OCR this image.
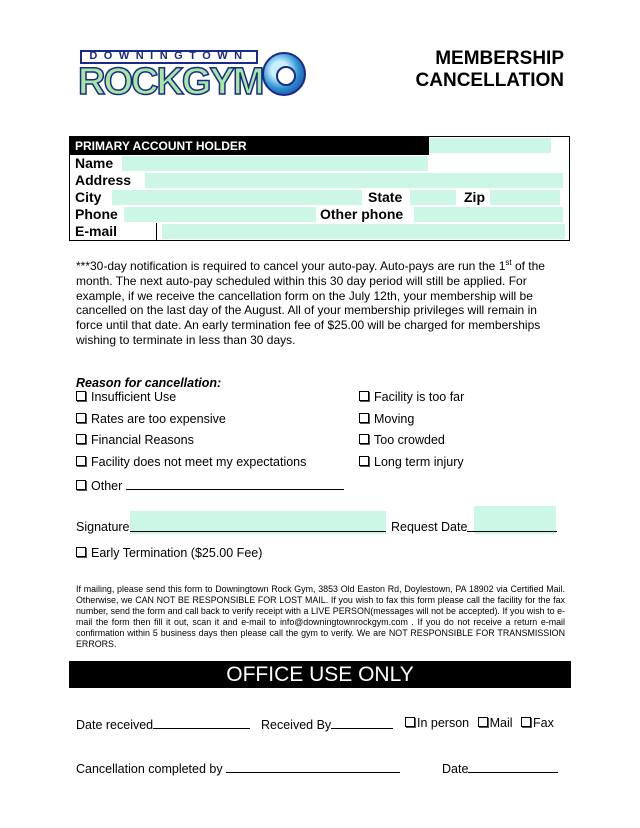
DOWNINGTOWN
ROCKGYM
MEMBERSHIP
CANCELLATION
PRIMARY ACCOUNT HOLDER	ID#
Name
Address
City	State	Zip
Phone	Other phone
E-mail
***30-day notification is required to cancel your auto-pay. Auto-pays are run the 1st of the month. The next auto-pay scheduled within this 30 day period will still be applied. For example, if we receive the cancellation form on the July 12th, your membership will be cancelled on the last day of the August. All of your membership privileges will remain in force until that date. An early termination fee of $25.00 will be charged for memberships wishing to terminate in less than 30 days.
Reason for cancellation:
Insufficient Use
Rates are too expensive
Financial Reasons
Facility does not meet my expectations
Other
Facility is too far
Moving
Too crowded
Long term injury
Signature	Request Date
Early Termination ($25.00 Fee)
If mailing, please send this form to Downingtown Rock Gym, 3853 Old Easton Rd, Doylestown, PA 18902 via Certified Mail. Otherwise, we CAN NOT BE RESPONSIBLE FOR LOST MAIL. If you wish to fax this form please call the facility for the fax number, send the form and call back to verify receipt with a LIVE PERSON(messages will not be accepted). If you wish to e-mail the form then fill it out, scan it and e-mail to info@downingtownrockgym.com . If you do not receive a return e-mail confirmation within 5 business days then please call the gym to verify. We are NOT RESPONSIBLE FOR TRANSMISSION ERRORS.
OFFICE USE ONLY
Date received	Received By	In person Mail Fax
Cancellation completed by	Date
